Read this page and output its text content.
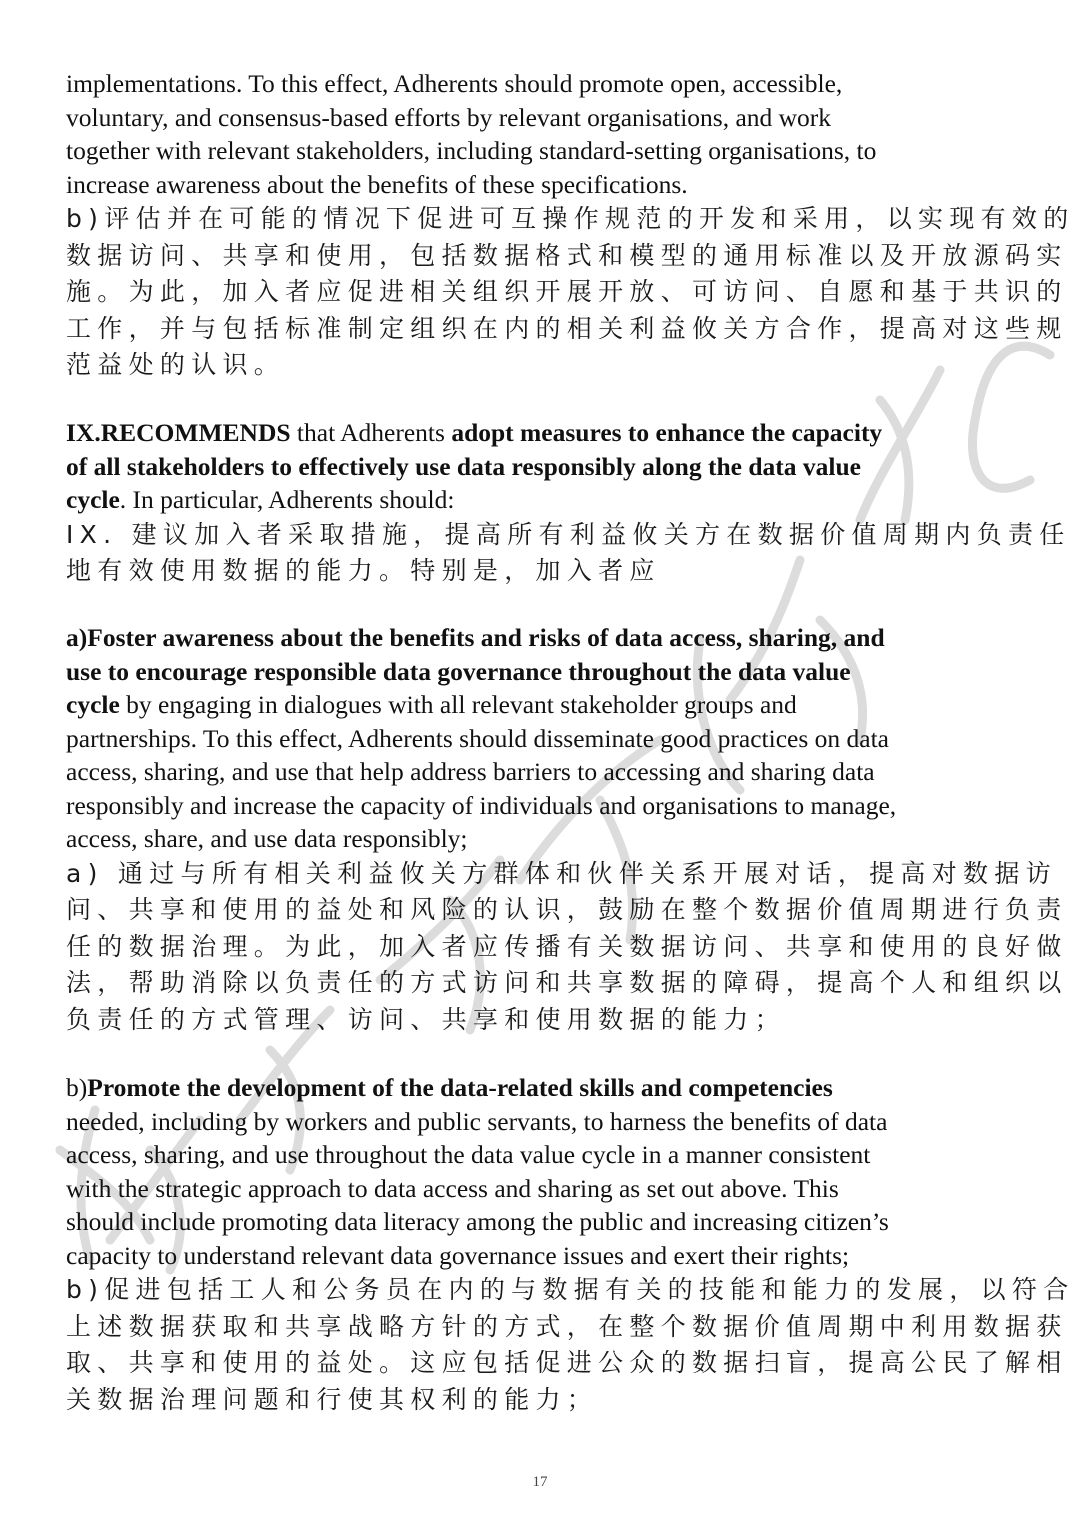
implementations. To this effect, Adherents should promote open, accessible,

voluntary, and consensus-based efforts by relevant organisations, and work

together with relevant stakeholders, including standard-setting organisations, to

increase awareness about the benefits of these specifications.

b)评估并在可能的情况下促进可互操作规范的开发和采用，以实现有效的

数据访问、共享和使用，包括数据格式和模型的通用标准以及开放源码实

施。为此，加入者应促进相关组织开展开放、可访问、自愿和基于共识的

工作，并与包括标准制定组织在内的相关利益攸关方合作，提高对这些规

范益处的认识。

IX.RECOMMENDS that Adherents adopt measures to enhance the capacity

of all stakeholders to effectively use data responsibly along the data value

cycle. In particular, Adherents should:

IX. 建议加入者采取措施，提高所有利益攸关方在数据价值周期内负责任

地有效使用数据的能力。特别是，加入者应

a)Foster awareness about the benefits and risks of data access, sharing, and

use to encourage responsible data governance throughout the data value

cycle by engaging in dialogues with all relevant stakeholder groups and

partnerships. To this effect, Adherents should disseminate good practices on data

access, sharing, and use that help address barriers to accessing and sharing data

responsibly and increase the capacity of individuals and organisations to manage,

access, share, and use data responsibly;

a) 通过与所有相关利益攸关方群体和伙伴关系开展对话，提高对数据访

问、共享和使用的益处和风险的认识，鼓励在整个数据价值周期进行负责

任的数据治理。为此，加入者应传播有关数据访问、共享和使用的良好做

法，帮助消除以负责任的方式访问和共享数据的障碍，提高个人和组织以

负责任的方式管理、访问、共享和使用数据的能力；

b)Promote the development of the data-related skills and competencies

needed, including by workers and public servants, to harness the benefits of data

access, sharing, and use throughout the data value cycle in a manner consistent

with the strategic approach to data access and sharing as set out above. This

should include promoting data literacy among the public and increasing citizen’s

capacity to understand relevant data governance issues and exert their rights;

b)促进包括工人和公务员在内的与数据有关的技能和能力的发展，以符合

上述数据获取和共享战略方针的方式，在整个数据价值周期中利用数据获

取、共享和使用的益处。这应包括促进公众的数据扫盲，提高公民了解相

关数据治理问题和行使其权利的能力；

17
